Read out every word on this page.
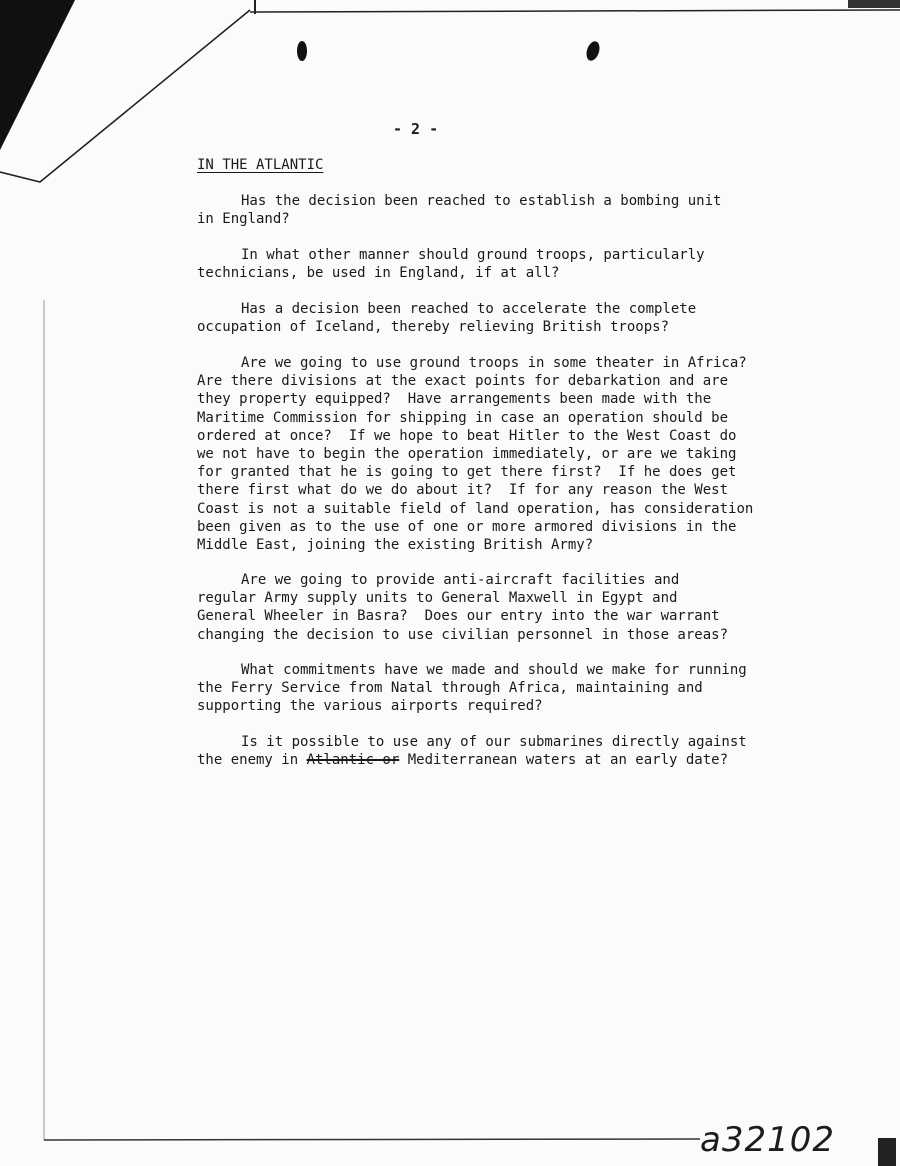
- 2 -
IN THE ATLANTIC
Has the decision been reached to establish a bombing unit
in England?
In what other manner should ground troops, particularly
technicians, be used in England, if at all?
Has a decision been reached to accelerate the complete
occupation of Iceland, thereby relieving British troops?
Are we going to use ground troops in some theater in Africa?
Are there divisions at the exact points for debarkation and are
they property equipped?  Have arrangements been made with the
Maritime Commission for shipping in case an operation should be
ordered at once?  If we hope to beat Hitler to the West Coast do
we not have to begin the operation immediately, or are we taking
for granted that he is going to get there first?  If he does get
there first what do we do about it?  If for any reason the West
Coast is not a suitable field of land operation, has consideration
been given as to the use of one or more armored divisions in the
Middle East, joining the existing British Army?
Are we going to provide anti-aircraft facilities and
regular Army supply units to General Maxwell in Egypt and
General Wheeler in Basra?  Does our entry into the war warrant
changing the decision to use civilian personnel in those areas?
What commitments have we made and should we make for running
the Ferry Service from Natal through Africa, maintaining and
supporting the various airports required?
Is it possible to use any of our submarines directly against
the enemy in Atlantic or Mediterranean waters at an early date?
a32102
